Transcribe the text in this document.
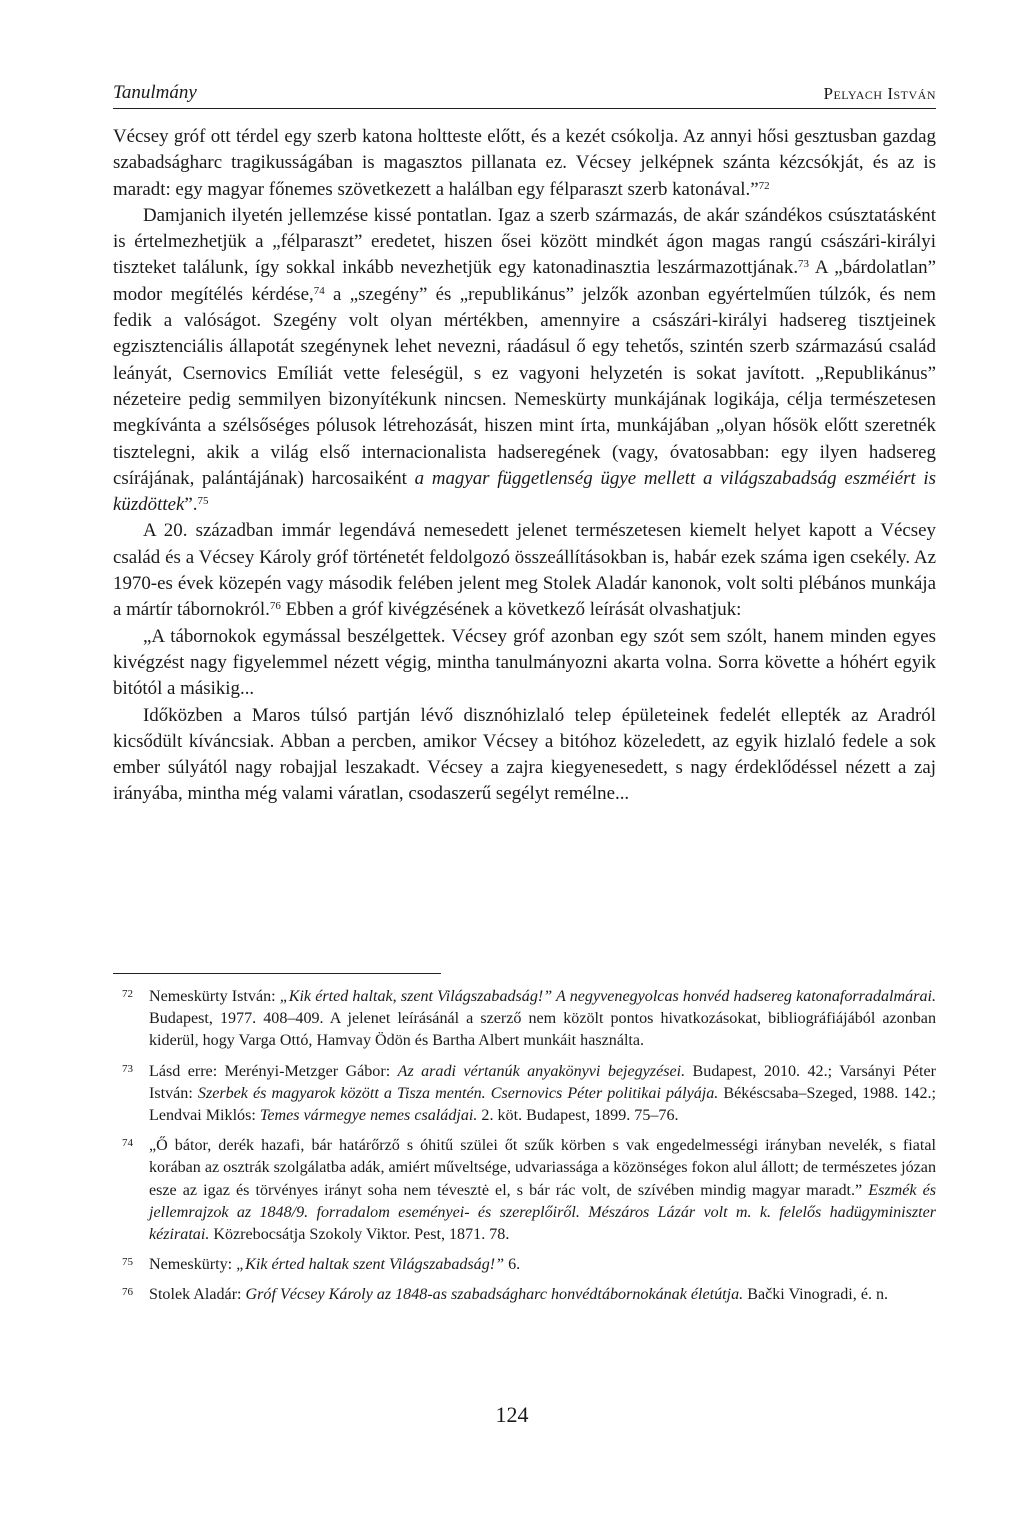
Tanulmány	Pelyach István

Vécsey gróf ott térdel egy szerb katona holtteste előtt, és a kezét csókolja. Az annyi hősi gesztusban gazdag szabadságharc tragikusságában is magasztos pillanata ez. Vécsey jelképnek szánta kézcsókját, és az is maradt: egy magyar főnemes szövetkezett a halálban egy félparaszt szerb katonával.”$^{72}$

Damjanich ilyetén jellemzése kissé pontatlan. Igaz a szerb származás, de akár szándékos csúsztatásként is értelmezhetjük a „félparaszt” eredetet, hiszen ősei között mindkét ágon magas rangú császári-királyi tiszteket találunk, így sokkal inkább nevezhetjük egy katonadinasztia leszármazottjának.$^{73}$ A „bárdolatlan” modor megítélés kérdése,$^{74}$ a „szegény” és „republikánus” jelzők azonban egyértelműen túlzók, és nem fedik a valóságot. Szegény volt olyan mértékben, amennyire a császári-királyi hadsereg tisztjeinek egzisztenciális állapotát szegénynek lehet nevezni, ráadásul ő egy tehetős, szintén szerb származású család leányát, Csernovics Emíliát vette feleségül, s ez vagyoni helyzetén is sokat javított. „Republikánus” nézeteire pedig semmilyen bizonyítékunk nincsen. Nemeskürty munkájának logikája, célja természetesen megkívánta a szélsőséges pólusok létrehozását, hiszen mint írta, munkájában „olyan hősök előtt szeretnék tisztelegni, akik a világ első internacionalista hadseregének (vagy, óvatosabban: egy ilyen hadsereg csírájának, palántájának) harcosaiként a magyar függetlenség ügye mellett a világszabadság eszméiért is küzdöttek”.$^{75}$

A 20. században immár legendává nemesedett jelenet természetesen kiemelt helyet kapott a Vécsey család és a Vécsey Károly gróf történetét feldolgozó összeállításokban is, habár ezek száma igen csekély. Az 1970-es évek közepén vagy második felében jelent meg Stolek Aladár kanonok, volt solti plébános munkája a mártír tábornokról.$^{76}$ Ebben a gróf kivégzésének a következő leírását olvashatjuk:

„A tábornokok egymással beszélgettek. Vécsey gróf azonban egy szót sem szólt, hanem minden egyes kivégzést nagy figyelemmel nézett végig, mintha tanulmányozni akarta volna. Sorra követte a hóhért egyik bitótól a másikig...

Időközben a Maros túlsó partján lévő disznóhizlaló telep épületeinek fedelét ellepték az Aradról kicsődült kíváncsiak. Abban a percben, amikor Vécsey a bitóhoz közeledett, az egyik hizlaló fedele a sok ember súlyától nagy robajjal leszakadt. Vécsey a zajra kiegyenesedett, s nagy érdeklődéssel nézett a zaj irányába, mintha még valami váratlan, csodaszerű segélyt remélne...

72 Nemeskürty István: „Kik érted haltak, szent Világszabadság!” A negyvenegyolcas honvéd hadsereg katonaforradalmárai. Budapest, 1977. 408–409. A jelenet leírásánál a szerző nem közölt pontos hivatkozásokat, bibliográfiájából azonban kiderül, hogy Varga Ottó, Hamvay Ödön és Bartha Albert munkáit használta.
73 Lásd erre: Merényi-Metzger Gábor: Az aradi vértanúk anyakönyvi bejegyzései. Budapest, 2010. 42.; Varsányi Péter István: Szerbek és magyarok között a Tisza mentén. Csernovics Péter politikai pályája. Békéscsaba–Szeged, 1988. 142.; Lendvai Miklós: Temes vármegye nemes családjai. 2. köt. Budapest, 1899. 75–76.
74 „Ő bátor, derék hazafi, bár határőrző s óhitű szülei őt szűk körben s vak engedelmességi irányban nevelék, s fiatal korában az osztrák szolgálatba adák, amiért műveltsége, udvariassága a közönséges fokon alul állott; de természetes józan esze az igaz és törvényes irányt soha nem tévesztė el, s bár rác volt, de szívében mindig magyar maradt.” Eszmék és jellemrajzok az 1848/9. forradalom eseményei- és szereplőiről. Mészáros Lázár volt m. k. felelős hadügyminiszter kéziratai. Közrebocsátja Szokoly Viktor. Pest, 1871. 78.
75 Nemeskürty: „Kik érted haltak szent Világszabadság!” 6.
76 Stolek Aladár: Gróf Vécsey Károly az 1848-as szabadságharc honvédtábornokának életútja. Bački Vinogradi, é. n.
124
